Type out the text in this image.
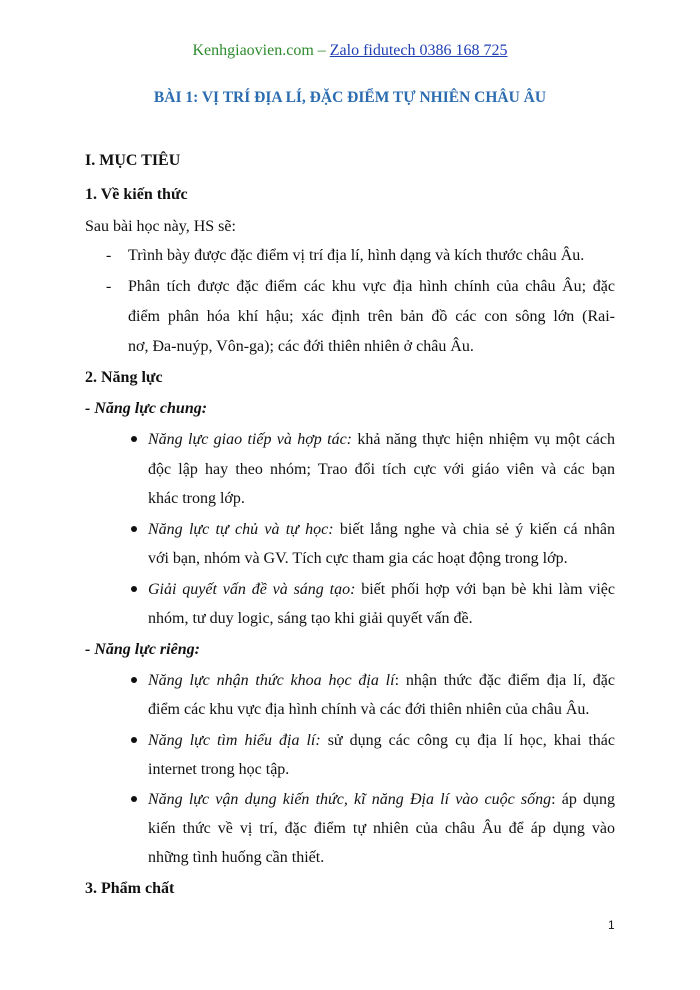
Kenhgiaovien.com – Zalo fidutech 0386 168 725
BÀI 1: VỊ TRÍ ĐỊA LÍ, ĐẶC ĐIỂM TỰ NHIÊN CHÂU ÂU
I. MỤC TIÊU
1. Về kiến thức
Sau bài học này, HS sẽ:
- Trình bày được đặc điểm vị trí địa lí, hình dạng và kích thước châu Âu.
- Phân tích được đặc điểm các khu vực địa hình chính của châu Âu; đặc
điểm phân hóa khí hậu; xác định trên bản đồ các con sông lớn (Rai-
nơ, Đa-nuýp, Vôn-ga); các đới thiên nhiên ở châu Âu.
2. Năng lực
- Năng lực chung:
Năng lực giao tiếp và hợp tác: khả năng thực hiện nhiệm vụ một cách
độc lập hay theo nhóm; Trao đổi tích cực với giáo viên và các bạn
khác trong lớp.
Năng lực tự chủ và tự học: biết lắng nghe và chia sẻ ý kiến cá nhân
với bạn, nhóm và GV. Tích cực tham gia các hoạt động trong lớp.
Giải quyết vấn đề và sáng tạo: biết phối hợp với bạn bè khi làm việc
nhóm, tư duy logic, sáng tạo khi giải quyết vấn đề.
- Năng lực riêng:
Năng lực nhận thức khoa học địa lí: nhận thức đặc điểm địa lí, đặc
điểm các khu vực địa hình chính và các đới thiên nhiên của châu Âu.
Năng lực tìm hiểu địa lí: sử dụng các công cụ địa lí học, khai thác
internet trong học tập.
Năng lực vận dụng kiến thức, kĩ năng Địa lí vào cuộc sống: áp dụng
kiến thức về vị trí, đặc điểm tự nhiên của châu Âu để áp dụng vào
những tình huống cần thiết.
3. Phẩm chất
1
